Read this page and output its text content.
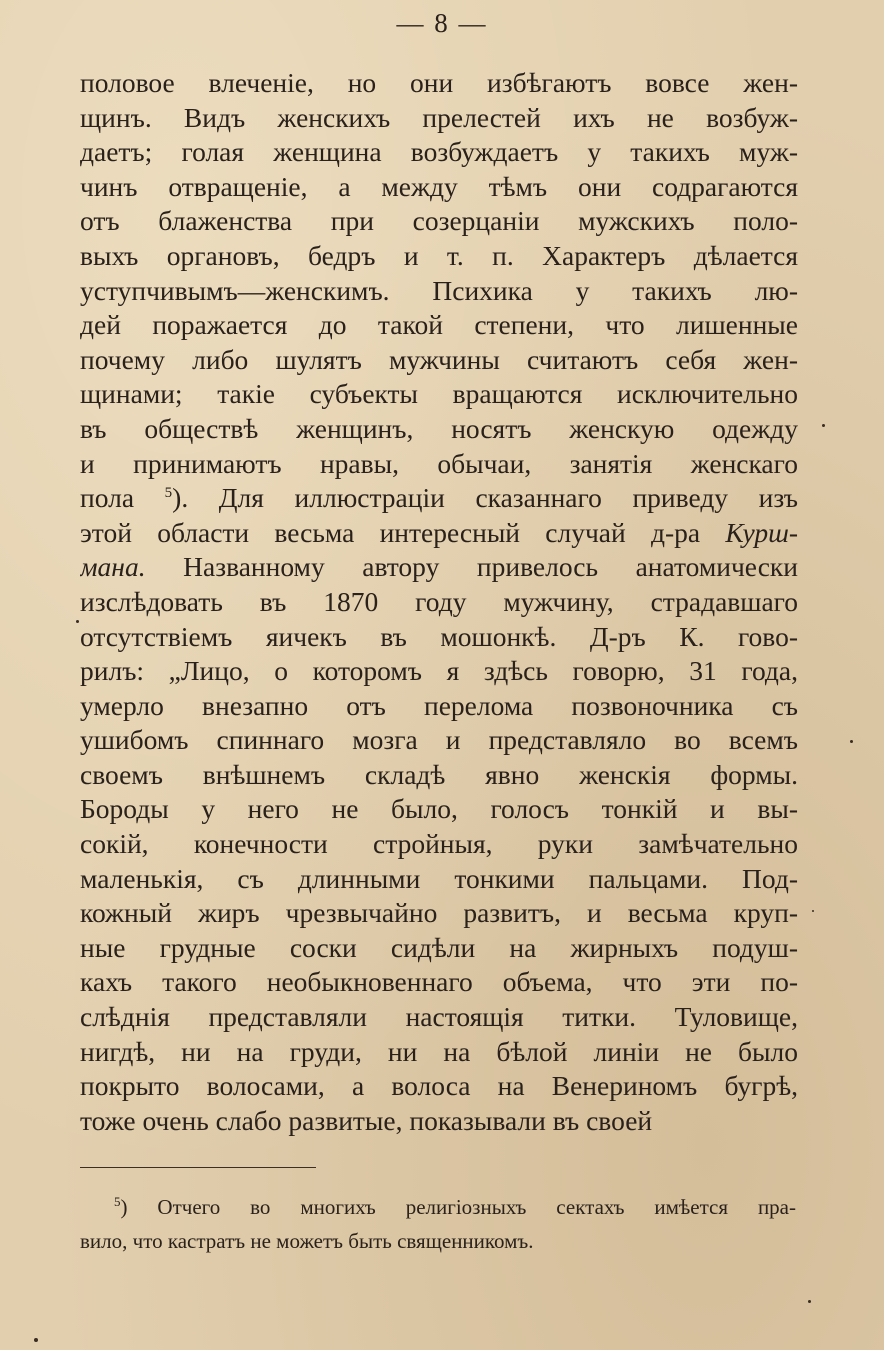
— 8 —
половое влеченіе, но они избѣгаютъ вовсе жен-
щинъ. Видъ женскихъ прелестей ихъ не возбуж-
даетъ; голая женщина возбуждаетъ у такихъ муж-
чинъ отвращеніе, а между тѣмъ они содрагаются
отъ блаженства при созерцаніи мужскихъ поло-
выхъ органовъ, бедръ и т. п. Характеръ дѣлается
уступчивымъ—женскимъ. Психика у такихъ лю-
дей поражается до такой степени, что лишенные
почему либо шулятъ мужчины считаютъ себя жен-
щинами; такіе субъекты вращаются исключительно
въ обществѣ женщинъ, носятъ женскую одежду
и принимаютъ нравы, обычаи, занятія женскаго
пола $^5$). Для иллюстраціи сказаннаго приведу изъ
этой области весьма интересный случай д-ра Курш-
мана. Названному автору привелось анатомически
изслѣдовать въ 1870 году мужчину, страдавшаго
отсутствіемъ яичекъ въ мошонкѣ. Д-ръ К. гово-
рилъ: „Лицо, о которомъ я здѣсь говорю, 31 года,
умерло внезапно отъ перелома позвоночника съ
ушибомъ спиннаго мозга и представляло во всемъ
своемъ внѣшнемъ складѣ явно женскія формы.
Бороды у него не было, голосъ тонкій и вы-
сокій, конечности стройныя, руки замѣчательно
маленькія, съ длинными тонкими пальцами. Под-
кожный жиръ чрезвычайно развитъ, и весьма круп-
ные грудные соски сидѣли на жирныхъ подуш-
кахъ такого необыкновеннаго объема, что эти по-
слѣднія представляли настоящія титки. Туловище,
нигдѣ, ни на груди, ни на бѣлой линіи не было
покрыто волосами, а волоса на Венериномъ бугрѣ,
тоже очень слабо развитые, показывали въ своей
$^5$) Отчего во многихъ религіозныхъ сектахъ имѣется пра-
вило, что кастратъ не можетъ быть священникомъ.
